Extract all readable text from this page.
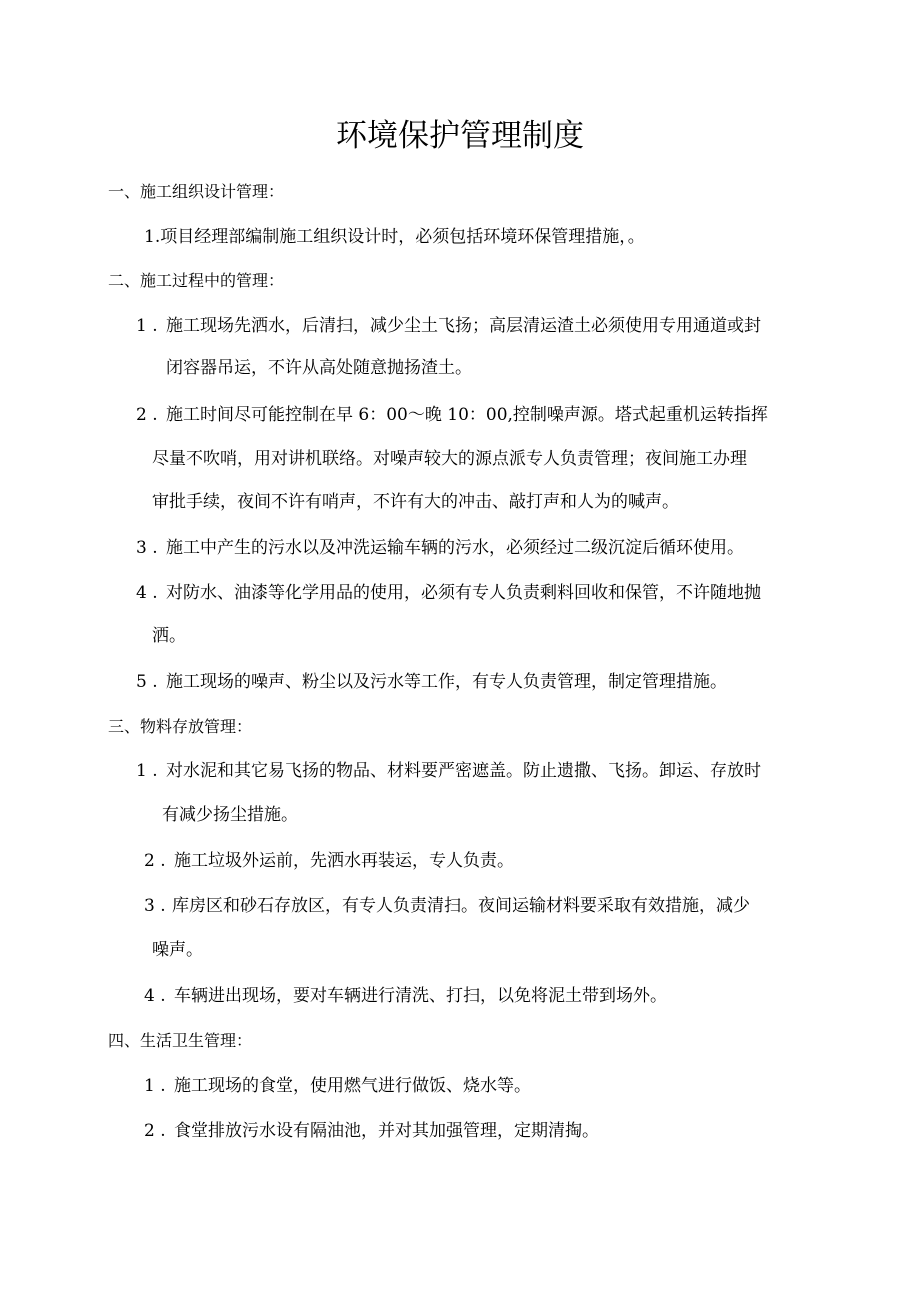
环境保护管理制度
一、施工组织设计管理：
1.项目经理部编制施工组织设计时，必须包括环境环保管理措施，。
二、施工过程中的管理：
1 . 施工现场先洒水，后清扫，减少尘土飞扬；高层清运渣土必须使用专用通道或封
闭容器吊运，不许从高处随意抛扬渣土。
2 . 施工时间尽可能控制在早 6：00～晚 10：00,控制噪声源。塔式起重机运转指挥
尽量不吹哨，用对讲机联络。对噪声较大的源点派专人负责管理；夜间施工办理
审批手续，夜间不许有哨声，不许有大的冲击、敲打声和人为的喊声。
3 . 施工中产生的污水以及冲洗运输车辆的污水，必须经过二级沉淀后循环使用。
4 . 对防水、油漆等化学用品的使用，必须有专人负责剩料回收和保管，不许随地抛
洒。
5 . 施工现场的噪声、粉尘以及污水等工作，有专人负责管理，制定管理措施。
三、物料存放管理：
1 . 对水泥和其它易飞扬的物品、材料要严密遮盖。防止遗撒、飞扬。卸运、存放时
有减少扬尘措施。
2 . 施工垃圾外运前，先洒水再装运，专人负责。
3 . 库房区和砂石存放区，有专人负责清扫。夜间运输材料要采取有效措施，减少
噪声。
4 . 车辆进出现场，要对车辆进行清洗、打扫，以免将泥土带到场外。
四、生活卫生管理：
1 . 施工现场的食堂，使用燃气进行做饭、烧水等。
2 . 食堂排放污水设有隔油池，并对其加强管理，定期清掏。
